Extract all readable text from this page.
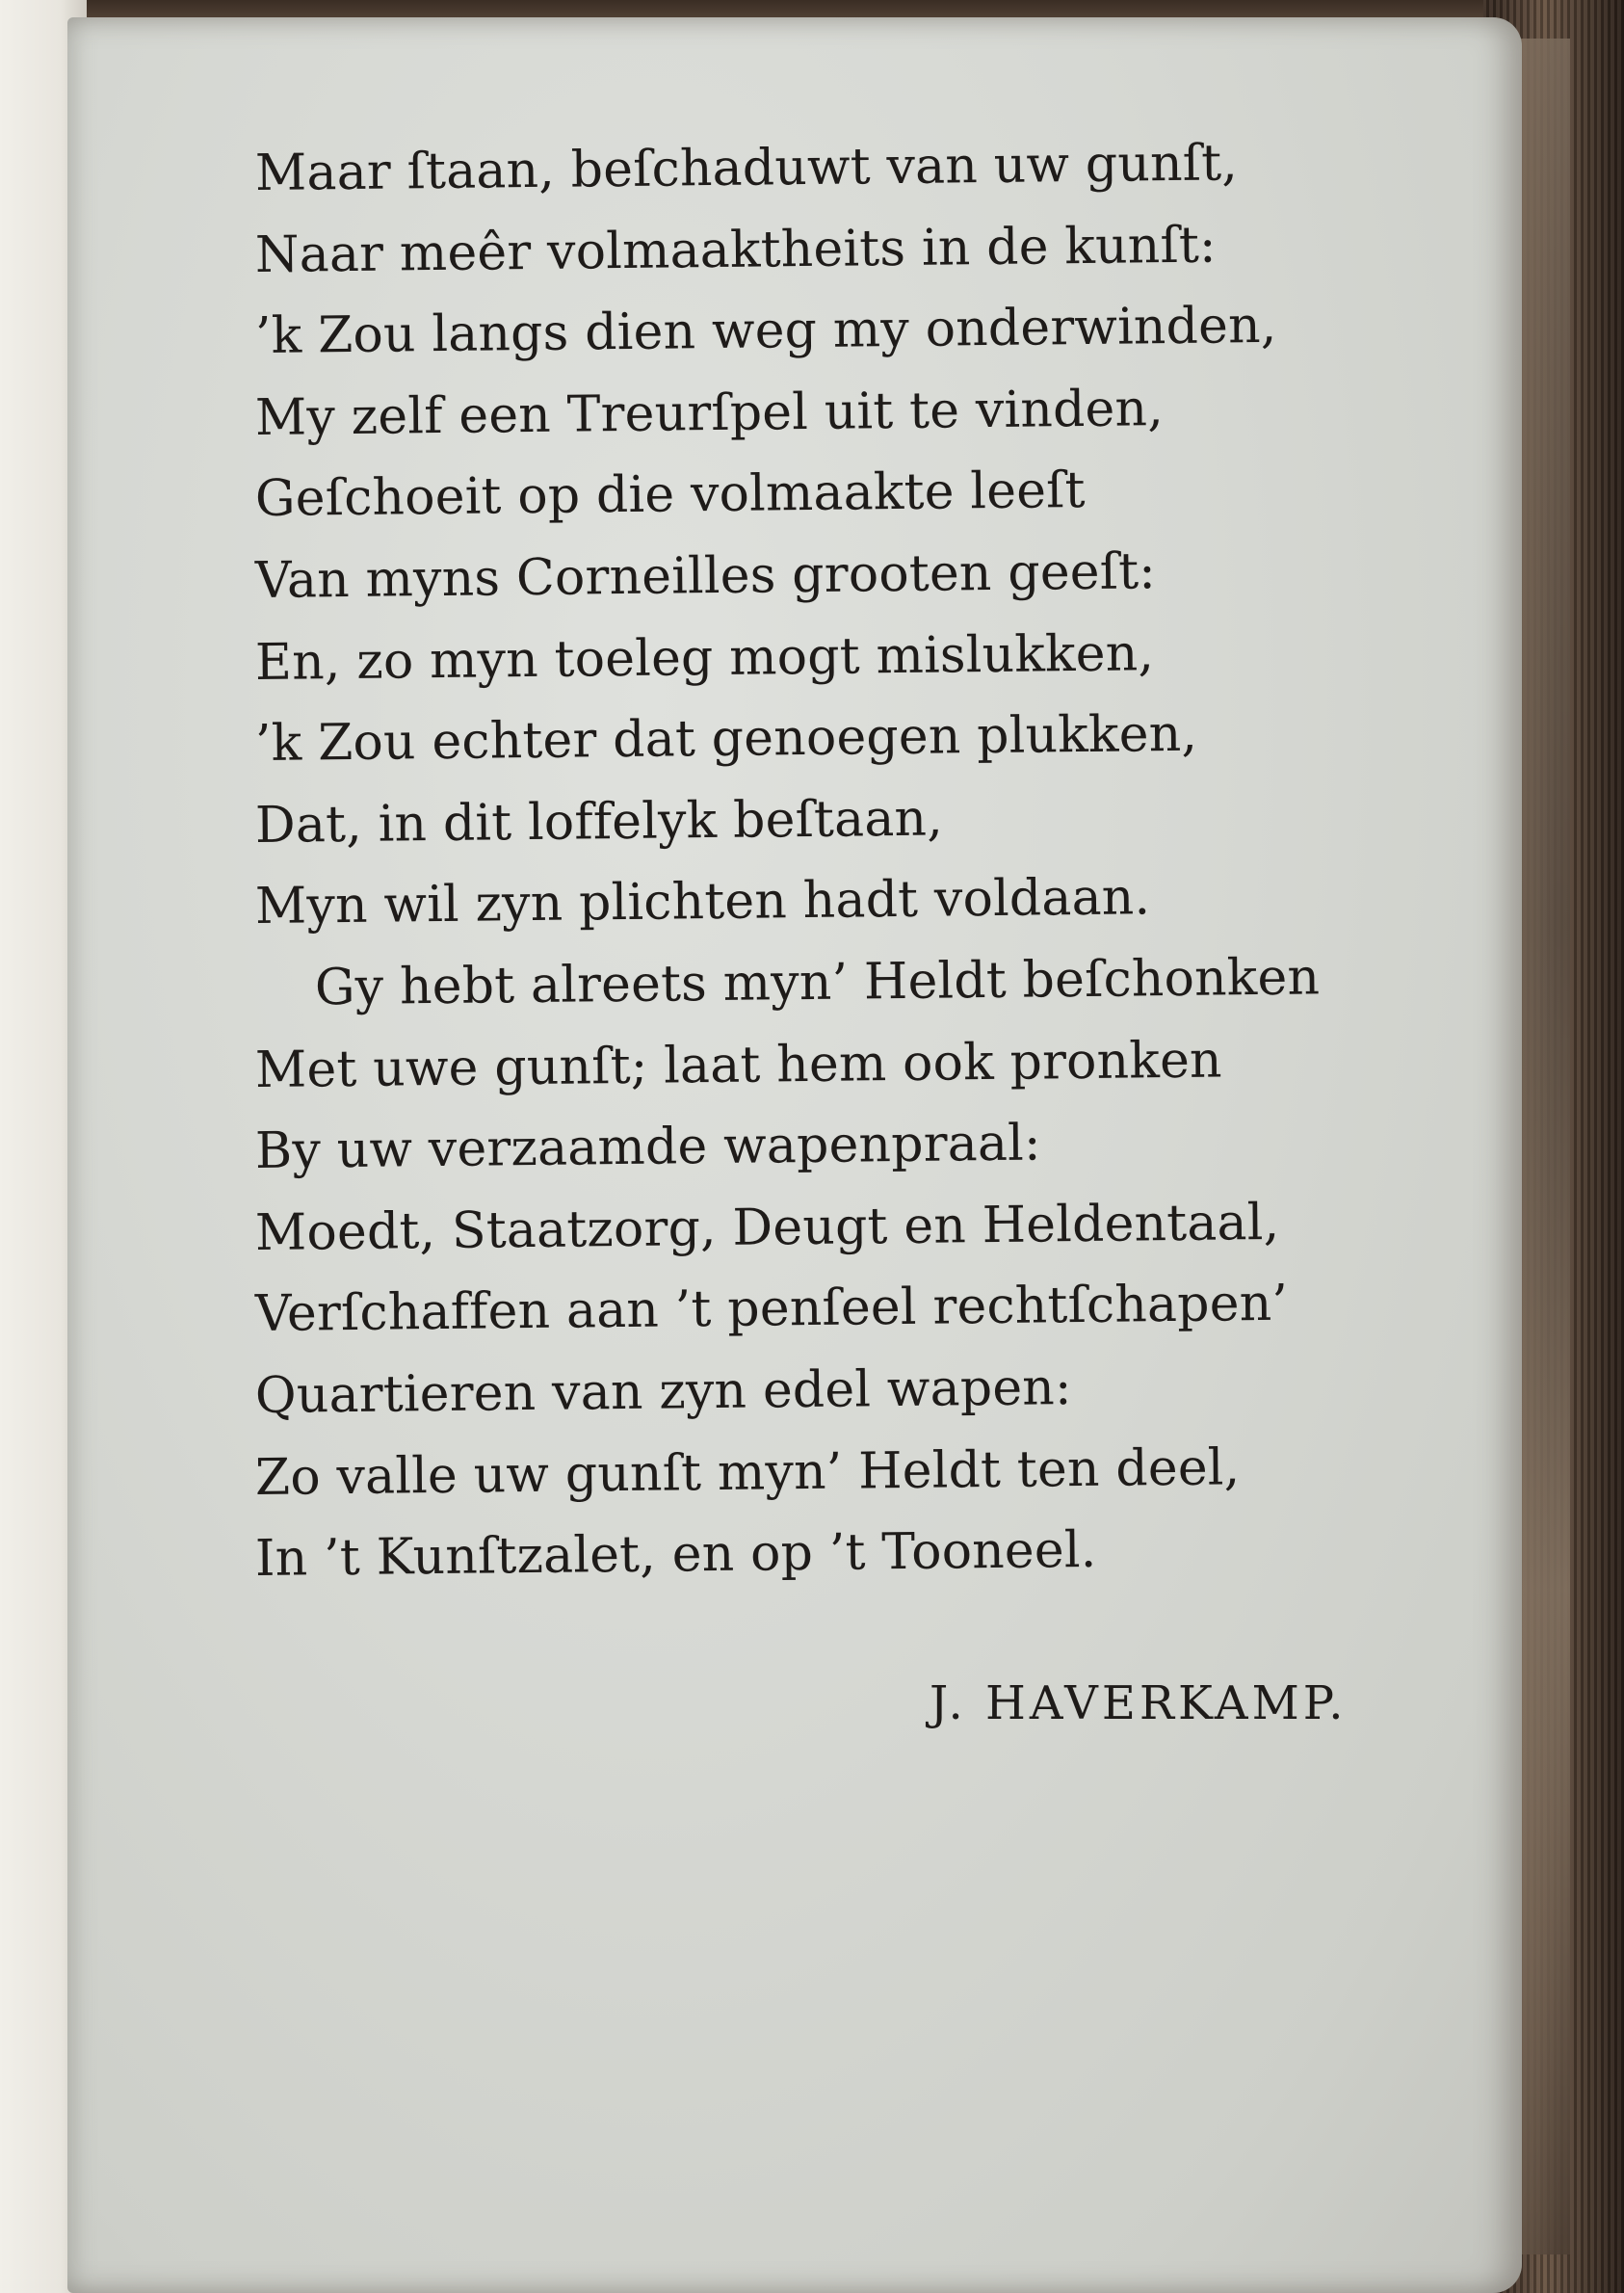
Maar ſtaan, beſchaduwt van uw gunſt,
Naar meêr volmaaktheits in de kunſt:
’k Zou langs dien weg my onderwinden,
My zelf een Treurſpel uit te vinden,
Geſchoeit op die volmaakte leeſt
Van myns Corneilles grooten geeſt:
En, zo myn toeleg mogt mislukken,
’k Zou echter dat genoegen plukken,
Dat, in dit loffelyk beſtaan,
Myn wil zyn plichten hadt voldaan.
Gy hebt alreets myn’ Heldt beſchonken
Met uwe gunſt; laat hem ook pronken
By uw verzaamde wapenpraal:
Moedt, Staatzorg, Deugt en Heldentaal,
Verſchaffen aan ’t penſeel rechtſchapen’
Quartieren van zyn edel wapen:
Zo valle uw gunſt myn’ Heldt ten deel,
In ’t Kunſtzalet, en op ’t Tooneel.
J. HAVERKAMP.
